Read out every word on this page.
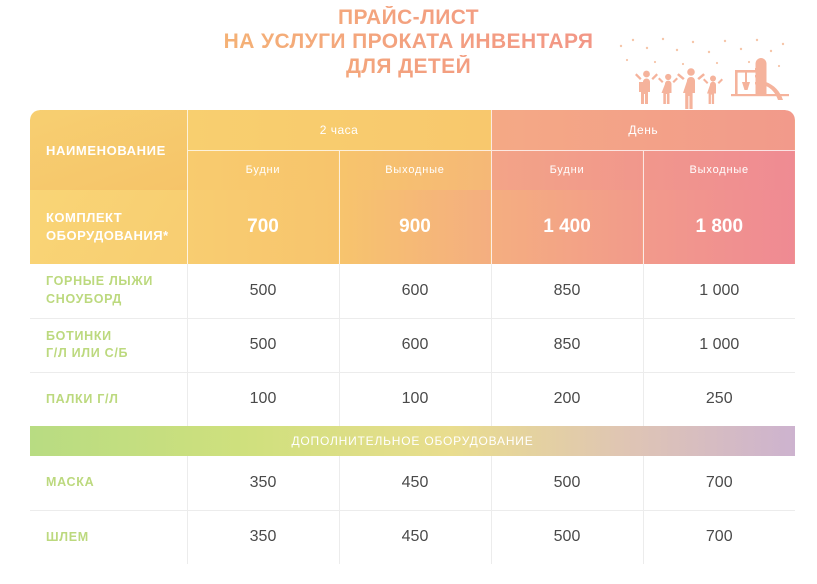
ПРАЙС-ЛИСТ
НА УСЛУГИ ПРОКАТА ИНВЕНТАРЯ
ДЛЯ ДЕТЕЙ
НАИМЕНОВАНИЕ	2 часа		День	
	Будни	Выходные	Будни	Выходные

КОМПЛЕКТ
ОБОРУДОВАНИЯ*	700	900	1 400	1 800

ГОРНЫЕ ЛЫЖИ
СНОУБОРД	500	600	850	1 000

БОТИНКИ
Г/Л ИЛИ С/Б	500	600	850	1 000

ПАЛКИ Г/Л	100	100	200	250
ДОПОЛНИТЕЛЬНОЕ ОБОРУДОВАНИЕ				

МАСКА	350	450	500	700

ШЛЕМ	350	450	500	700
